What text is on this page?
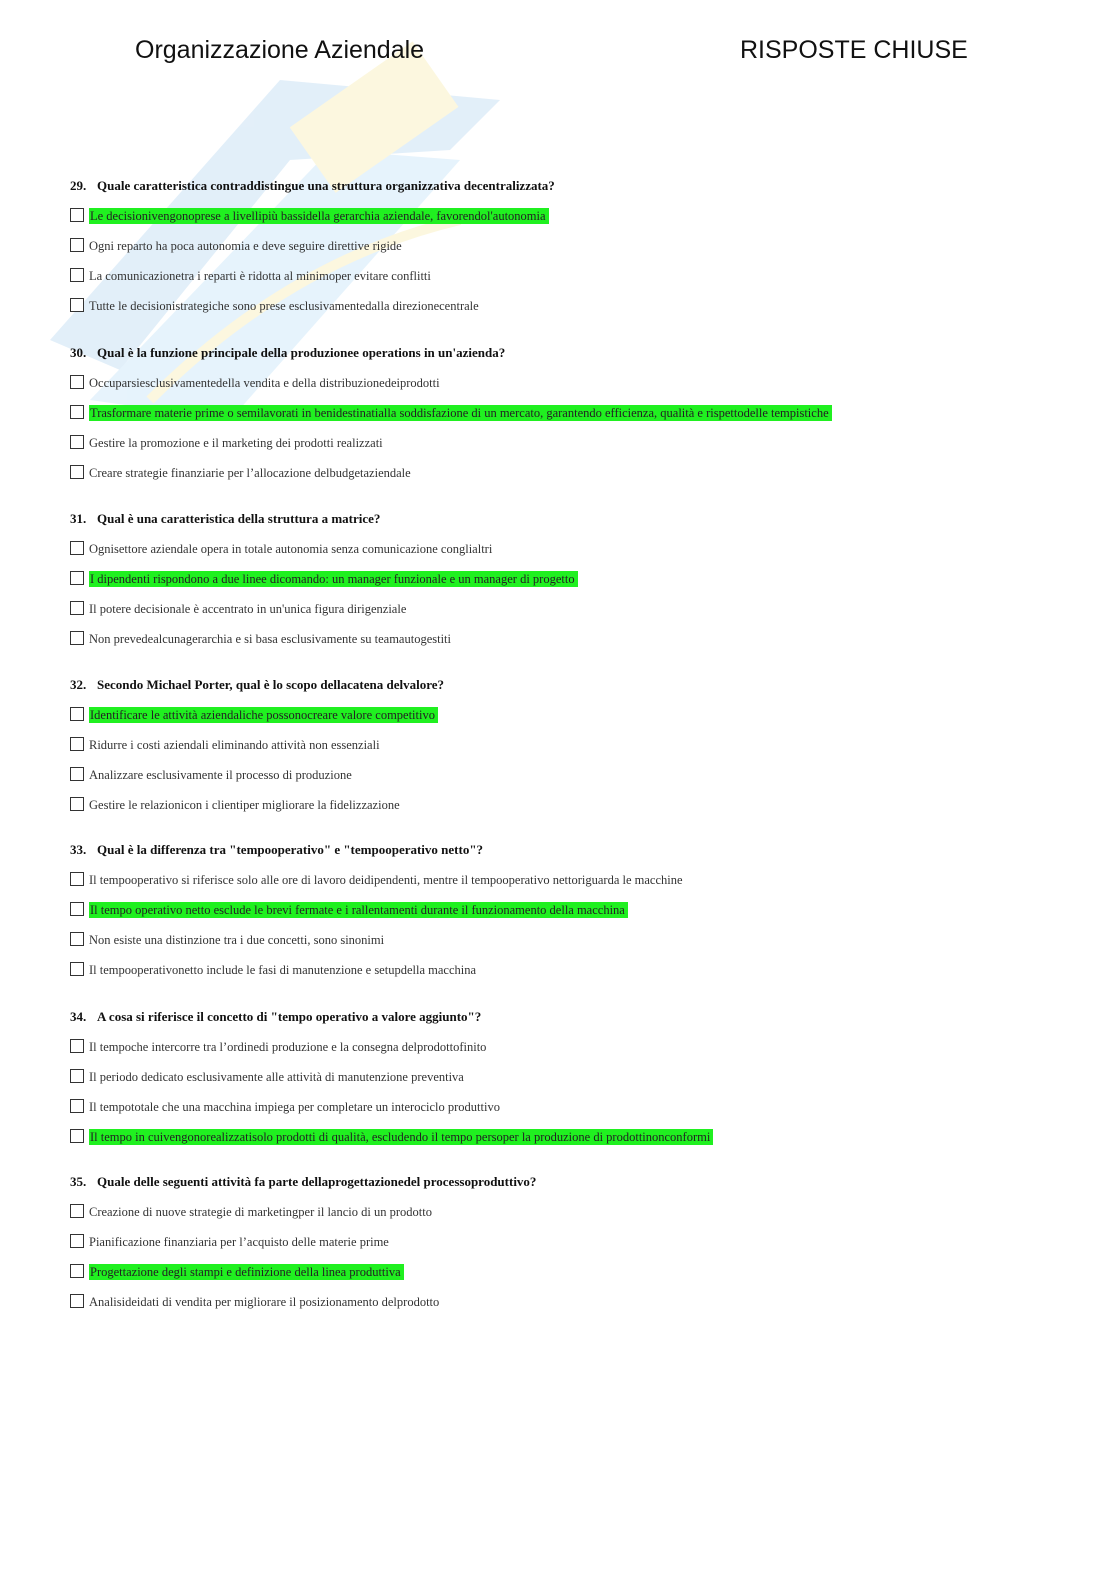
Organizzazione Aziendale	RISPOSTE CHIUSE
29. Quale caratteristica contraddistingue una struttura organizzativa decentralizzata?
Le decisionivengonoprese a livellipiù bassidella gerarchia aziendale, favorendol'autonomia
Ogni reparto ha poca autonomia e deve seguire direttive rigide
La comunicazionetra i reparti è ridotta al minimoper evitare conflitti
Tutte le decisionistrategiche sono prese esclusivamentedalla direzionecentrale
30. Qual è la funzione principale della produzionee operations in un'azienda?
Occuparsiesclusivamentedella vendita e della distribuzionedeiprodotti
Trasformare materie prime o semilavorati in benidestinatialla soddisfazione di un mercato, garantendo efficienza, qualità e rispettodelle tempistiche
Gestire la promozione e il marketing dei prodotti realizzati
Creare strategie finanziarie per l’allocazione delbudgetaziendale
31. Qual è una caratteristica della struttura a matrice?
Ognisettore aziendale opera in totale autonomia senza comunicazione conglialtri
I dipendenti rispondono a due linee dicomando: un manager funzionale e un manager di progetto
Il potere decisionale è accentrato in un'unica figura dirigenziale
Non prevedealcunagerarchia e si basa esclusivamente su teamautogestiti
32. Secondo Michael Porter, qual è lo scopo dellacatena delvalore?
Identificare le attività aziendaliche possonocreare valore competitivo
Ridurre i costi aziendali eliminando attività non essenziali
Analizzare esclusivamente il processo di produzione
Gestire le relazionicon i clientiper migliorare la fidelizzazione
33. Qual è la differenza tra "tempooperativo" e "tempooperativo netto"?
Il tempooperativo si riferisce solo alle ore di lavoro deidipendenti, mentre il tempooperativo nettoriguarda le macchine
Il tempo operativo netto esclude le brevi fermate e i rallentamenti durante il funzionamento della macchina
Non esiste una distinzione tra i due concetti, sono sinonimi
Il tempooperativonetto include le fasi di manutenzione e setupdella macchina
34. A cosa si riferisce il concetto di "tempo operativo a valore aggiunto"?
Il tempoche intercorre tra l’ordinedi produzione e la consegna delprodottofinito
Il periodo dedicato esclusivamente alle attività di manutenzione preventiva
Il tempototale che una macchina impiega per completare un interociclo produttivo
Il tempo in cuivengonorealizzatisolo prodotti di qualità, escludendo il tempo persoper la produzione di prodottinonconformi
35. Quale delle seguenti attività fa parte dellaprogettazionedel processoproduttivo?
Creazione di nuove strategie di marketingper il lancio di un prodotto
Pianificazione finanziaria per l’acquisto delle materie prime
Progettazione degli stampi e definizione della linea produttiva
Analisideidati di vendita per migliorare il posizionamento delprodotto
